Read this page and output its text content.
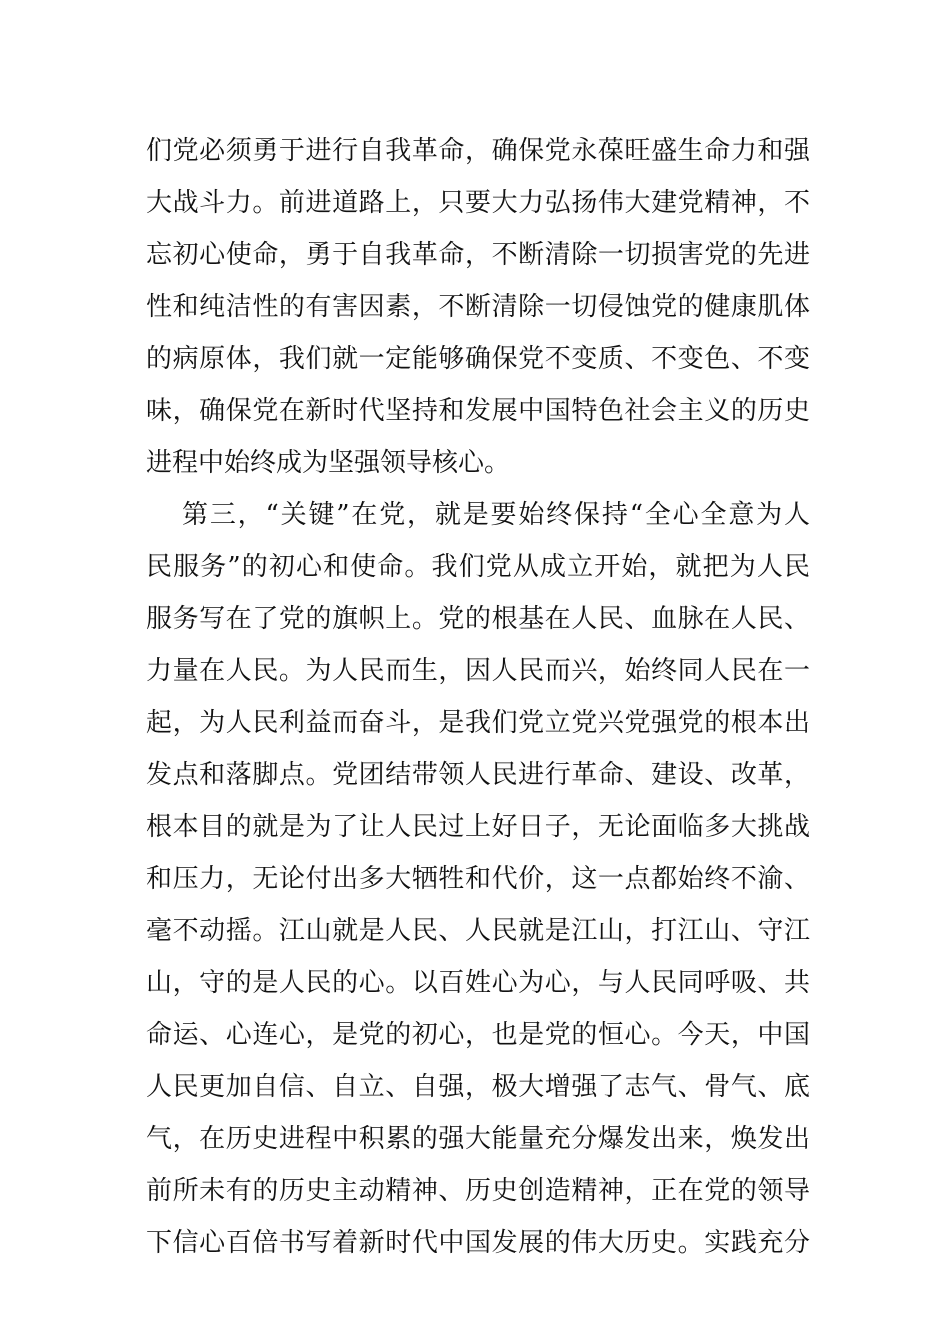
们党必须勇于进行自我革命，确保党永葆旺盛生命力和强
大战斗力。前进道路上，只要大力弘扬伟大建党精神，不
忘初心使命，勇于自我革命，不断清除一切损害党的先进
性和纯洁性的有害因素，不断清除一切侵蚀党的健康肌体
的病原体，我们就一定能够确保党不变质、不变色、不变
味，确保党在新时代坚持和发展中国特色社会主义的历史
进程中始终成为坚强领导核心。
第三，“关键”在党，就是要始终保持“全心全意为人
民服务”的初心和使命。我们党从成立开始，就把为人民
服务写在了党的旗帜上。党的根基在人民、血脉在人民、
力量在人民。为人民而生，因人民而兴，始终同人民在一
起，为人民利益而奋斗，是我们党立党兴党强党的根本出
发点和落脚点。党团结带领人民进行革命、建设、改革，
根本目的就是为了让人民过上好日子，无论面临多大挑战
和压力，无论付出多大牺牲和代价，这一点都始终不渝、
毫不动摇。江山就是人民、人民就是江山，打江山、守江
山，守的是人民的心。以百姓心为心，与人民同呼吸、共
命运、心连心，是党的初心，也是党的恒心。今天，中国
人民更加自信、自立、自强，极大增强了志气、骨气、底
气，在历史进程中积累的强大能量充分爆发出来，焕发出
前所未有的历史主动精神、历史创造精神，正在党的领导
下信心百倍书写着新时代中国发展的伟大历史。实践充分
